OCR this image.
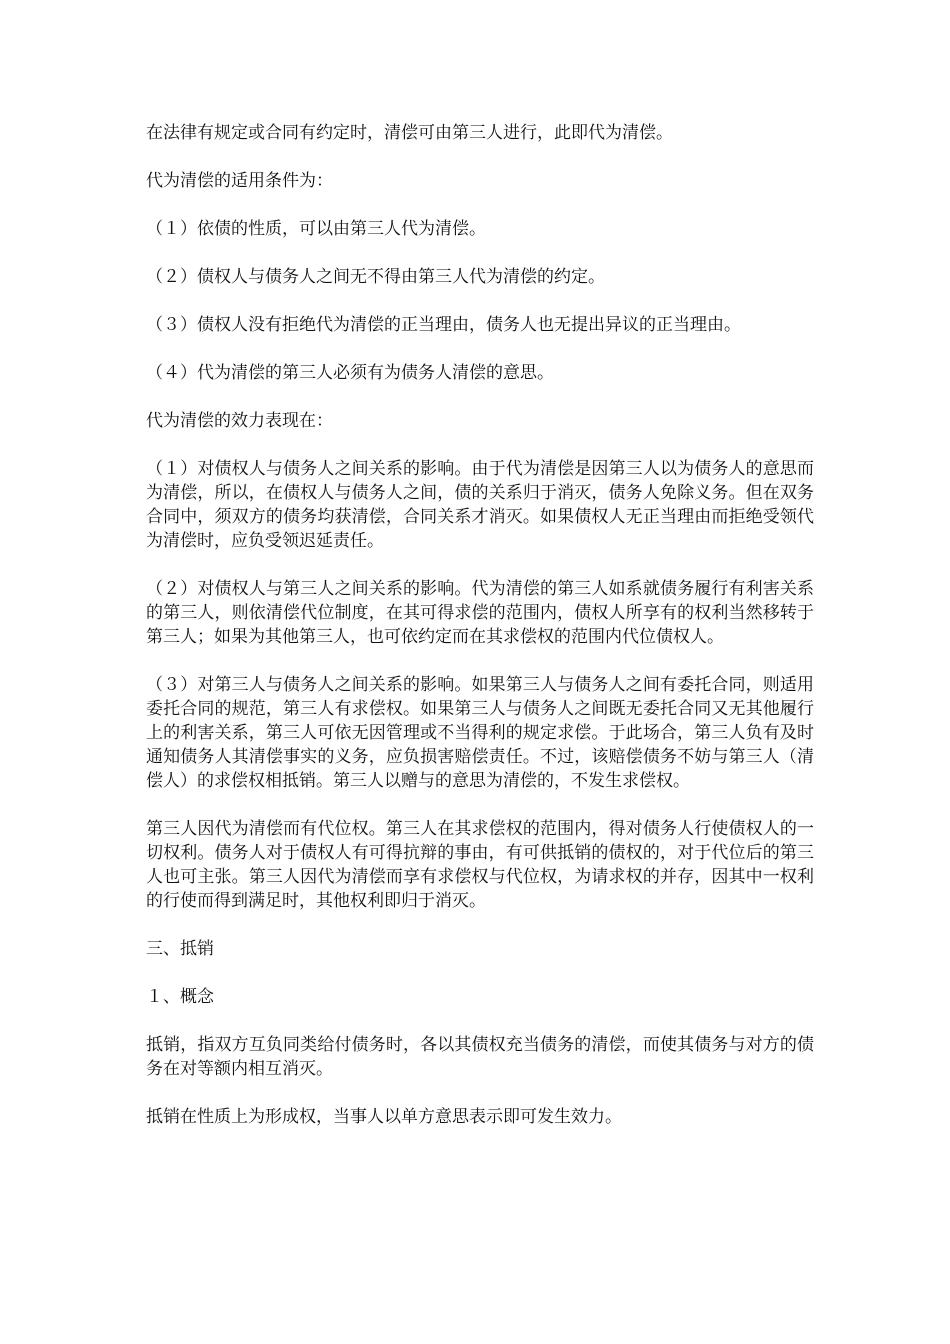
在法律有规定或合同有约定时，清偿可由第三人进行，此即代为清偿。

代为清偿的适用条件为：

（１）依债的性质，可以由第三人代为清偿。

（２）债权人与债务人之间无不得由第三人代为清偿的约定。

（３）债权人没有拒绝代为清偿的正当理由，债务人也无提出异议的正当理由。

（４）代为清偿的第三人必须有为债务人清偿的意思。

代为清偿的效力表现在：

（１）对债权人与债务人之间关系的影响。由于代为清偿是因第三人以为债务人的意思而为清偿，所以，在债权人与债务人之间，债的关系归于消灭，债务人免除义务。但在双务合同中，须双方的债务均获清偿，合同关系才消灭。如果债权人无正当理由而拒绝受领代为清偿时，应负受领迟延责任。

（２）对债权人与第三人之间关系的影响。代为清偿的第三人如系就债务履行有利害关系的第三人，则依清偿代位制度，在其可得求偿的范围内，债权人所享有的权利当然移转于第三人；如果为其他第三人，也可依约定而在其求偿权的范围内代位债权人。

（３）对第三人与债务人之间关系的影响。如果第三人与债务人之间有委托合同，则适用委托合同的规范，第三人有求偿权。如果第三人与债务人之间既无委托合同又无其他履行上的利害关系，第三人可依无因管理或不当得利的规定求偿。于此场合，第三人负有及时通知债务人其清偿事实的义务，应负损害赔偿责任。不过，该赔偿债务不妨与第三人（清偿人）的求偿权相抵销。第三人以赠与的意思为清偿的，不发生求偿权。

第三人因代为清偿而有代位权。第三人在其求偿权的范围内，得对债务人行使债权人的一切权利。债务人对于债权人有可得抗辩的事由，有可供抵销的债权的，对于代位后的第三人也可主张。第三人因代为清偿而享有求偿权与代位权，为请求权的并存，因其中一权利的行使而得到满足时，其他权利即归于消灭。

三、抵销

１、概念

抵销，指双方互负同类给付债务时，各以其债权充当债务的清偿，而使其债务与对方的债务在对等额内相互消灭。

抵销在性质上为形成权，当事人以单方意思表示即可发生效力。
